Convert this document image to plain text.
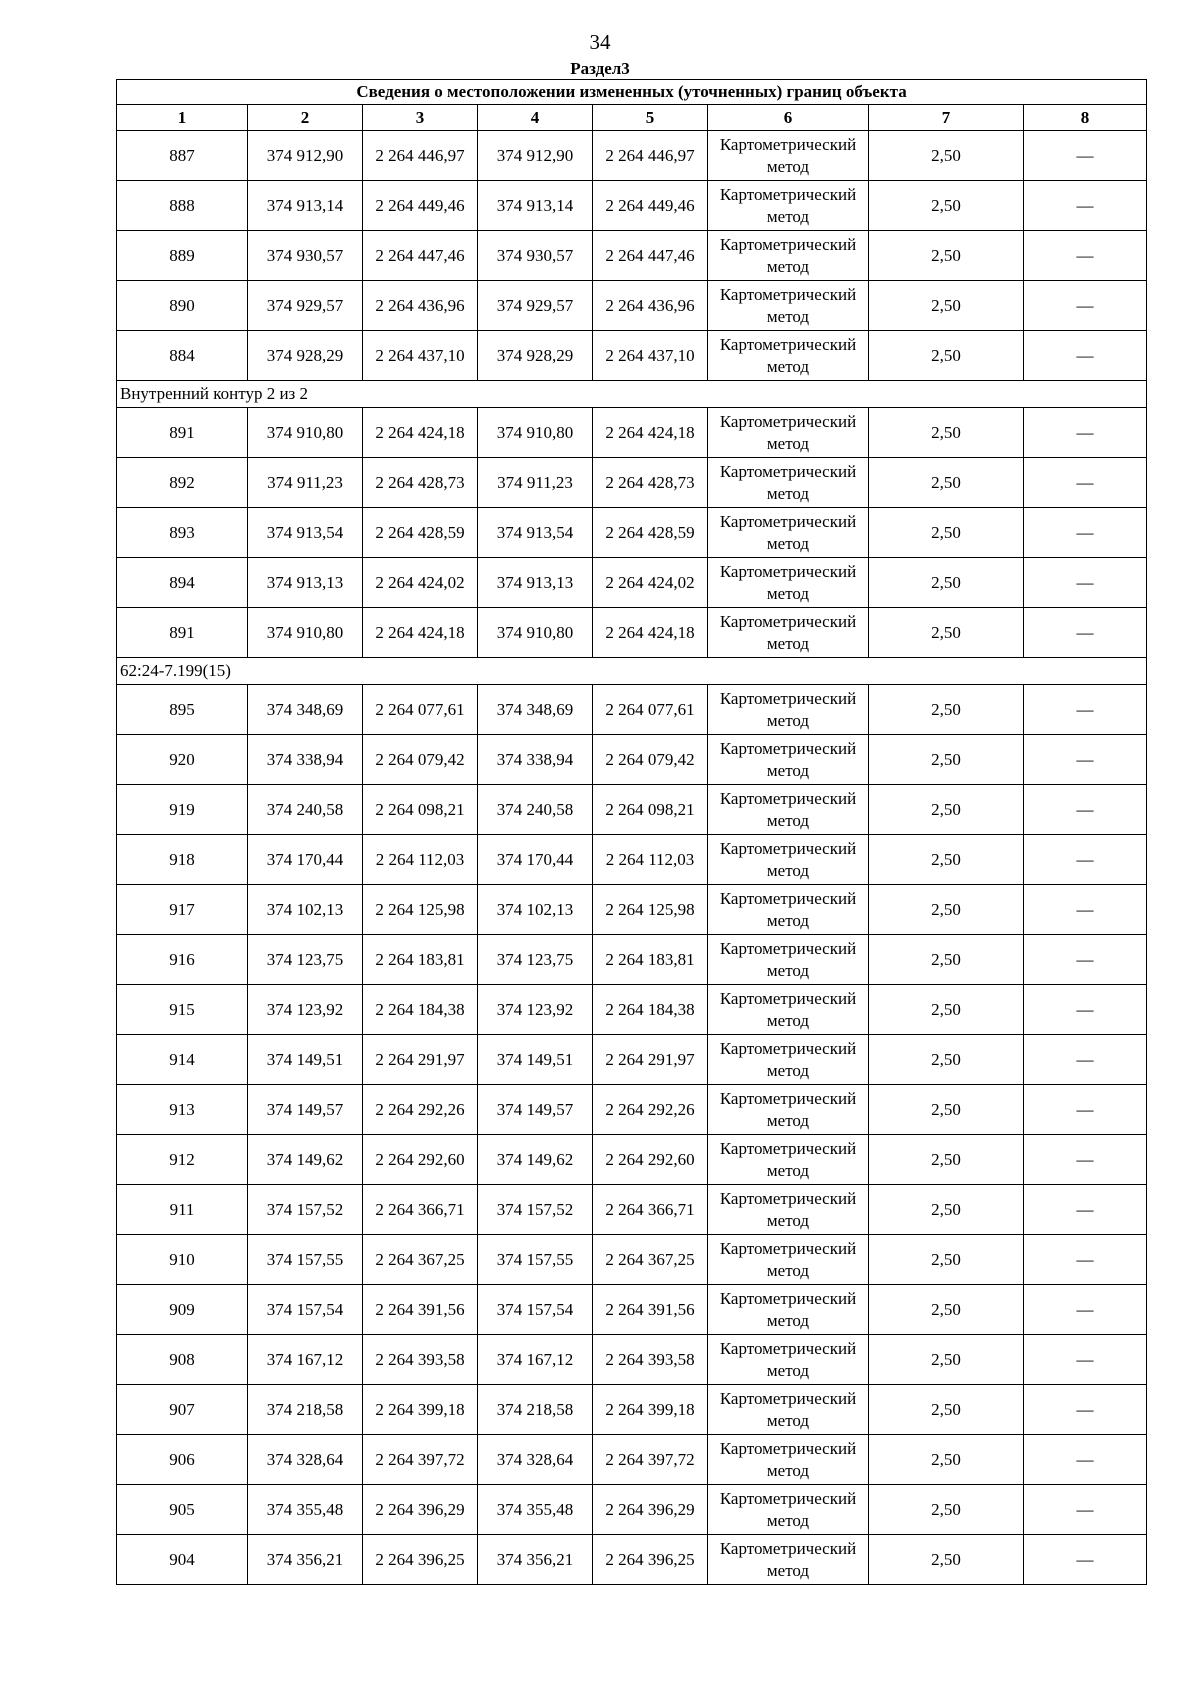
34
Раздел3
Сведения о местоположении измененных (уточненных) границ объекта							
1	2	3	4	5	6	7	8
887	374 912,90	2 264 446,97	374 912,90	2 264 446,97	Картометрический метод	2,50	—
888	374 913,14	2 264 449,46	374 913,14	2 264 449,46	Картометрический метод	2,50	—
889	374 930,57	2 264 447,46	374 930,57	2 264 447,46	Картометрический метод	2,50	—
890	374 929,57	2 264 436,96	374 929,57	2 264 436,96	Картометрический метод	2,50	—
884	374 928,29	2 264 437,10	374 928,29	2 264 437,10	Картометрический метод	2,50	—
Внутренний контур 2 из 2							
891	374 910,80	2 264 424,18	374 910,80	2 264 424,18	Картометрический метод	2,50	—
892	374 911,23	2 264 428,73	374 911,23	2 264 428,73	Картометрический метод	2,50	—
893	374 913,54	2 264 428,59	374 913,54	2 264 428,59	Картометрический метод	2,50	—
894	374 913,13	2 264 424,02	374 913,13	2 264 424,02	Картометрический метод	2,50	—
891	374 910,80	2 264 424,18	374 910,80	2 264 424,18	Картометрический метод	2,50	—
62:24-7.199(15)							
895	374 348,69	2 264 077,61	374 348,69	2 264 077,61	Картометрический метод	2,50	—
920	374 338,94	2 264 079,42	374 338,94	2 264 079,42	Картометрический метод	2,50	—
919	374 240,58	2 264 098,21	374 240,58	2 264 098,21	Картометрический метод	2,50	—
918	374 170,44	2 264 112,03	374 170,44	2 264 112,03	Картометрический метод	2,50	—
917	374 102,13	2 264 125,98	374 102,13	2 264 125,98	Картометрический метод	2,50	—
916	374 123,75	2 264 183,81	374 123,75	2 264 183,81	Картометрический метод	2,50	—
915	374 123,92	2 264 184,38	374 123,92	2 264 184,38	Картометрический метод	2,50	—
914	374 149,51	2 264 291,97	374 149,51	2 264 291,97	Картометрический метод	2,50	—
913	374 149,57	2 264 292,26	374 149,57	2 264 292,26	Картометрический метод	2,50	—
912	374 149,62	2 264 292,60	374 149,62	2 264 292,60	Картометрический метод	2,50	—
911	374 157,52	2 264 366,71	374 157,52	2 264 366,71	Картометрический метод	2,50	—
910	374 157,55	2 264 367,25	374 157,55	2 264 367,25	Картометрический метод	2,50	—
909	374 157,54	2 264 391,56	374 157,54	2 264 391,56	Картометрический метод	2,50	—
908	374 167,12	2 264 393,58	374 167,12	2 264 393,58	Картометрический метод	2,50	—
907	374 218,58	2 264 399,18	374 218,58	2 264 399,18	Картометрический метод	2,50	—
906	374 328,64	2 264 397,72	374 328,64	2 264 397,72	Картометрический метод	2,50	—
905	374 355,48	2 264 396,29	374 355,48	2 264 396,29	Картометрический метод	2,50	—
904	374 356,21	2 264 396,25	374 356,21	2 264 396,25	Картометрический метод	2,50	—
